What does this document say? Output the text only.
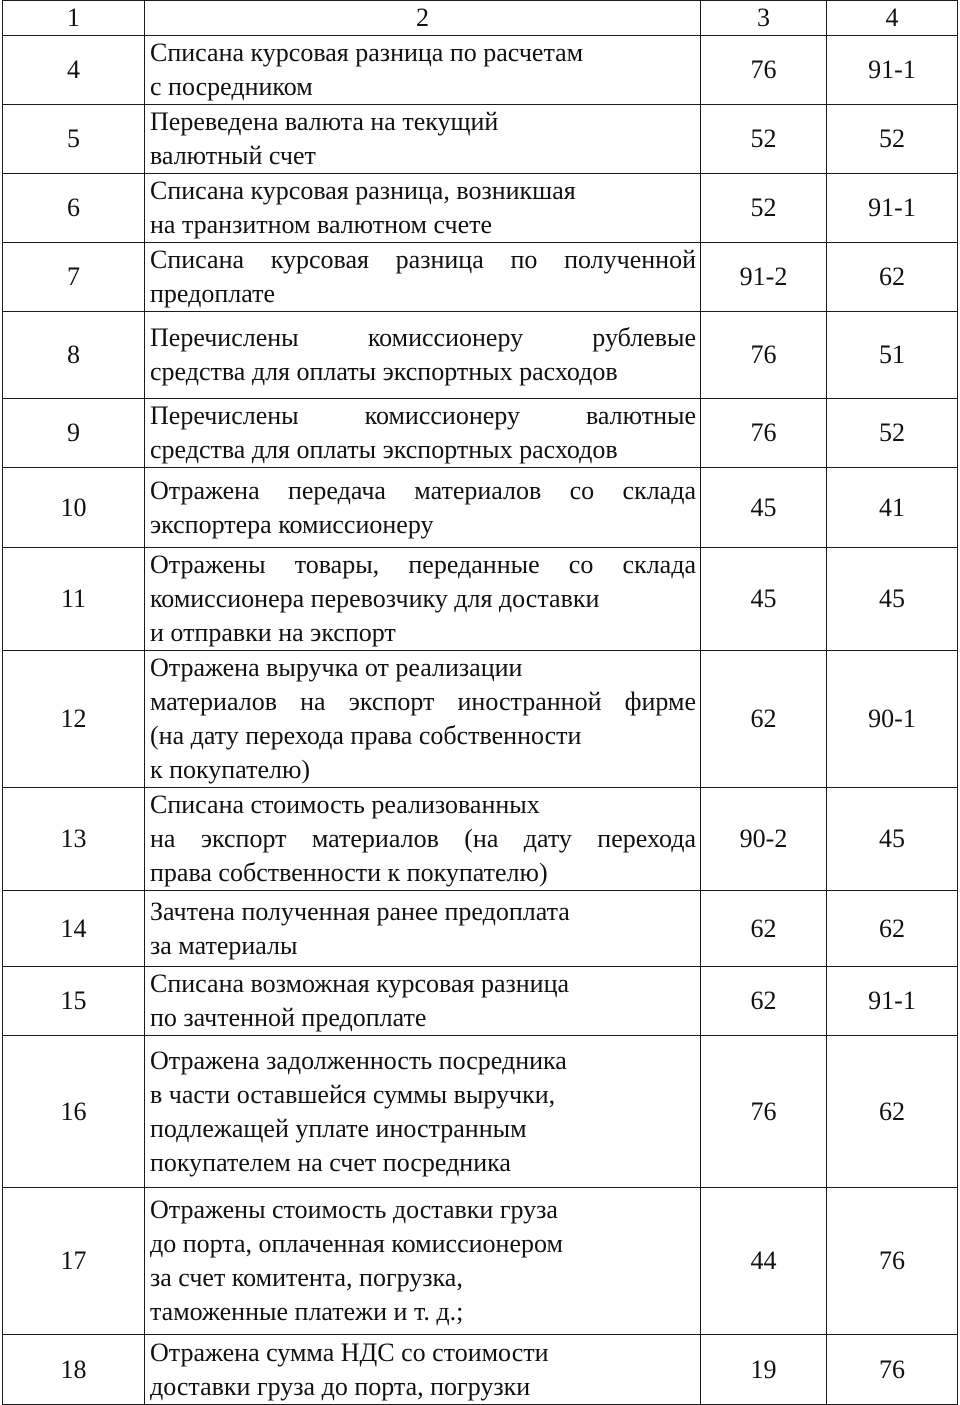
1	2	3	4
4	Списана курсовая разница по расчетам
с посредником	76	91-1
5	Переведена валюта на текущий
валютный счет	52	52
6	Списана курсовая разница, возникшая
на транзитном валютном счете	52	91-1
7	Списана курсовая разница по полученной
предоплате	91-2	62
8	Перечислены комиссионеру рублевые
средства для оплаты экспортных расходов	76	51
9	Перечислены комиссионеру валютные
средства для оплаты экспортных расходов	76	52
10	Отражена передача материалов со склада
экспортера комиссионеру	45	41
11	Отражены товары, переданные со склада
комиссионера перевозчику для доставки
и отправки на экспорт	45	45
12	Отражена выручка от реализации
материалов на экспорт иностранной фирме
(на дату перехода права собственности
к покупателю)	62	90-1
13	Списана стоимость реализованных
на экспорт материалов (на дату перехода
права собственности к покупателю)	90-2	45
14	Зачтена полученная ранее предоплата
за материалы	62	62
15	Списана возможная курсовая разница
по зачтенной предоплате	62	91-1
16	Отражена задолженность посредника
в части оставшейся суммы выручки,
подлежащей уплате иностранным
покупателем на счет посредника	76	62
17	Отражены стоимость доставки груза
до порта, оплаченная комиссионером
за счет комитента, погрузка,
таможенные платежи и т. д.;	44	76
18	Отражена сумма НДС со стоимости
доставки груза до порта, погрузки	19	76
